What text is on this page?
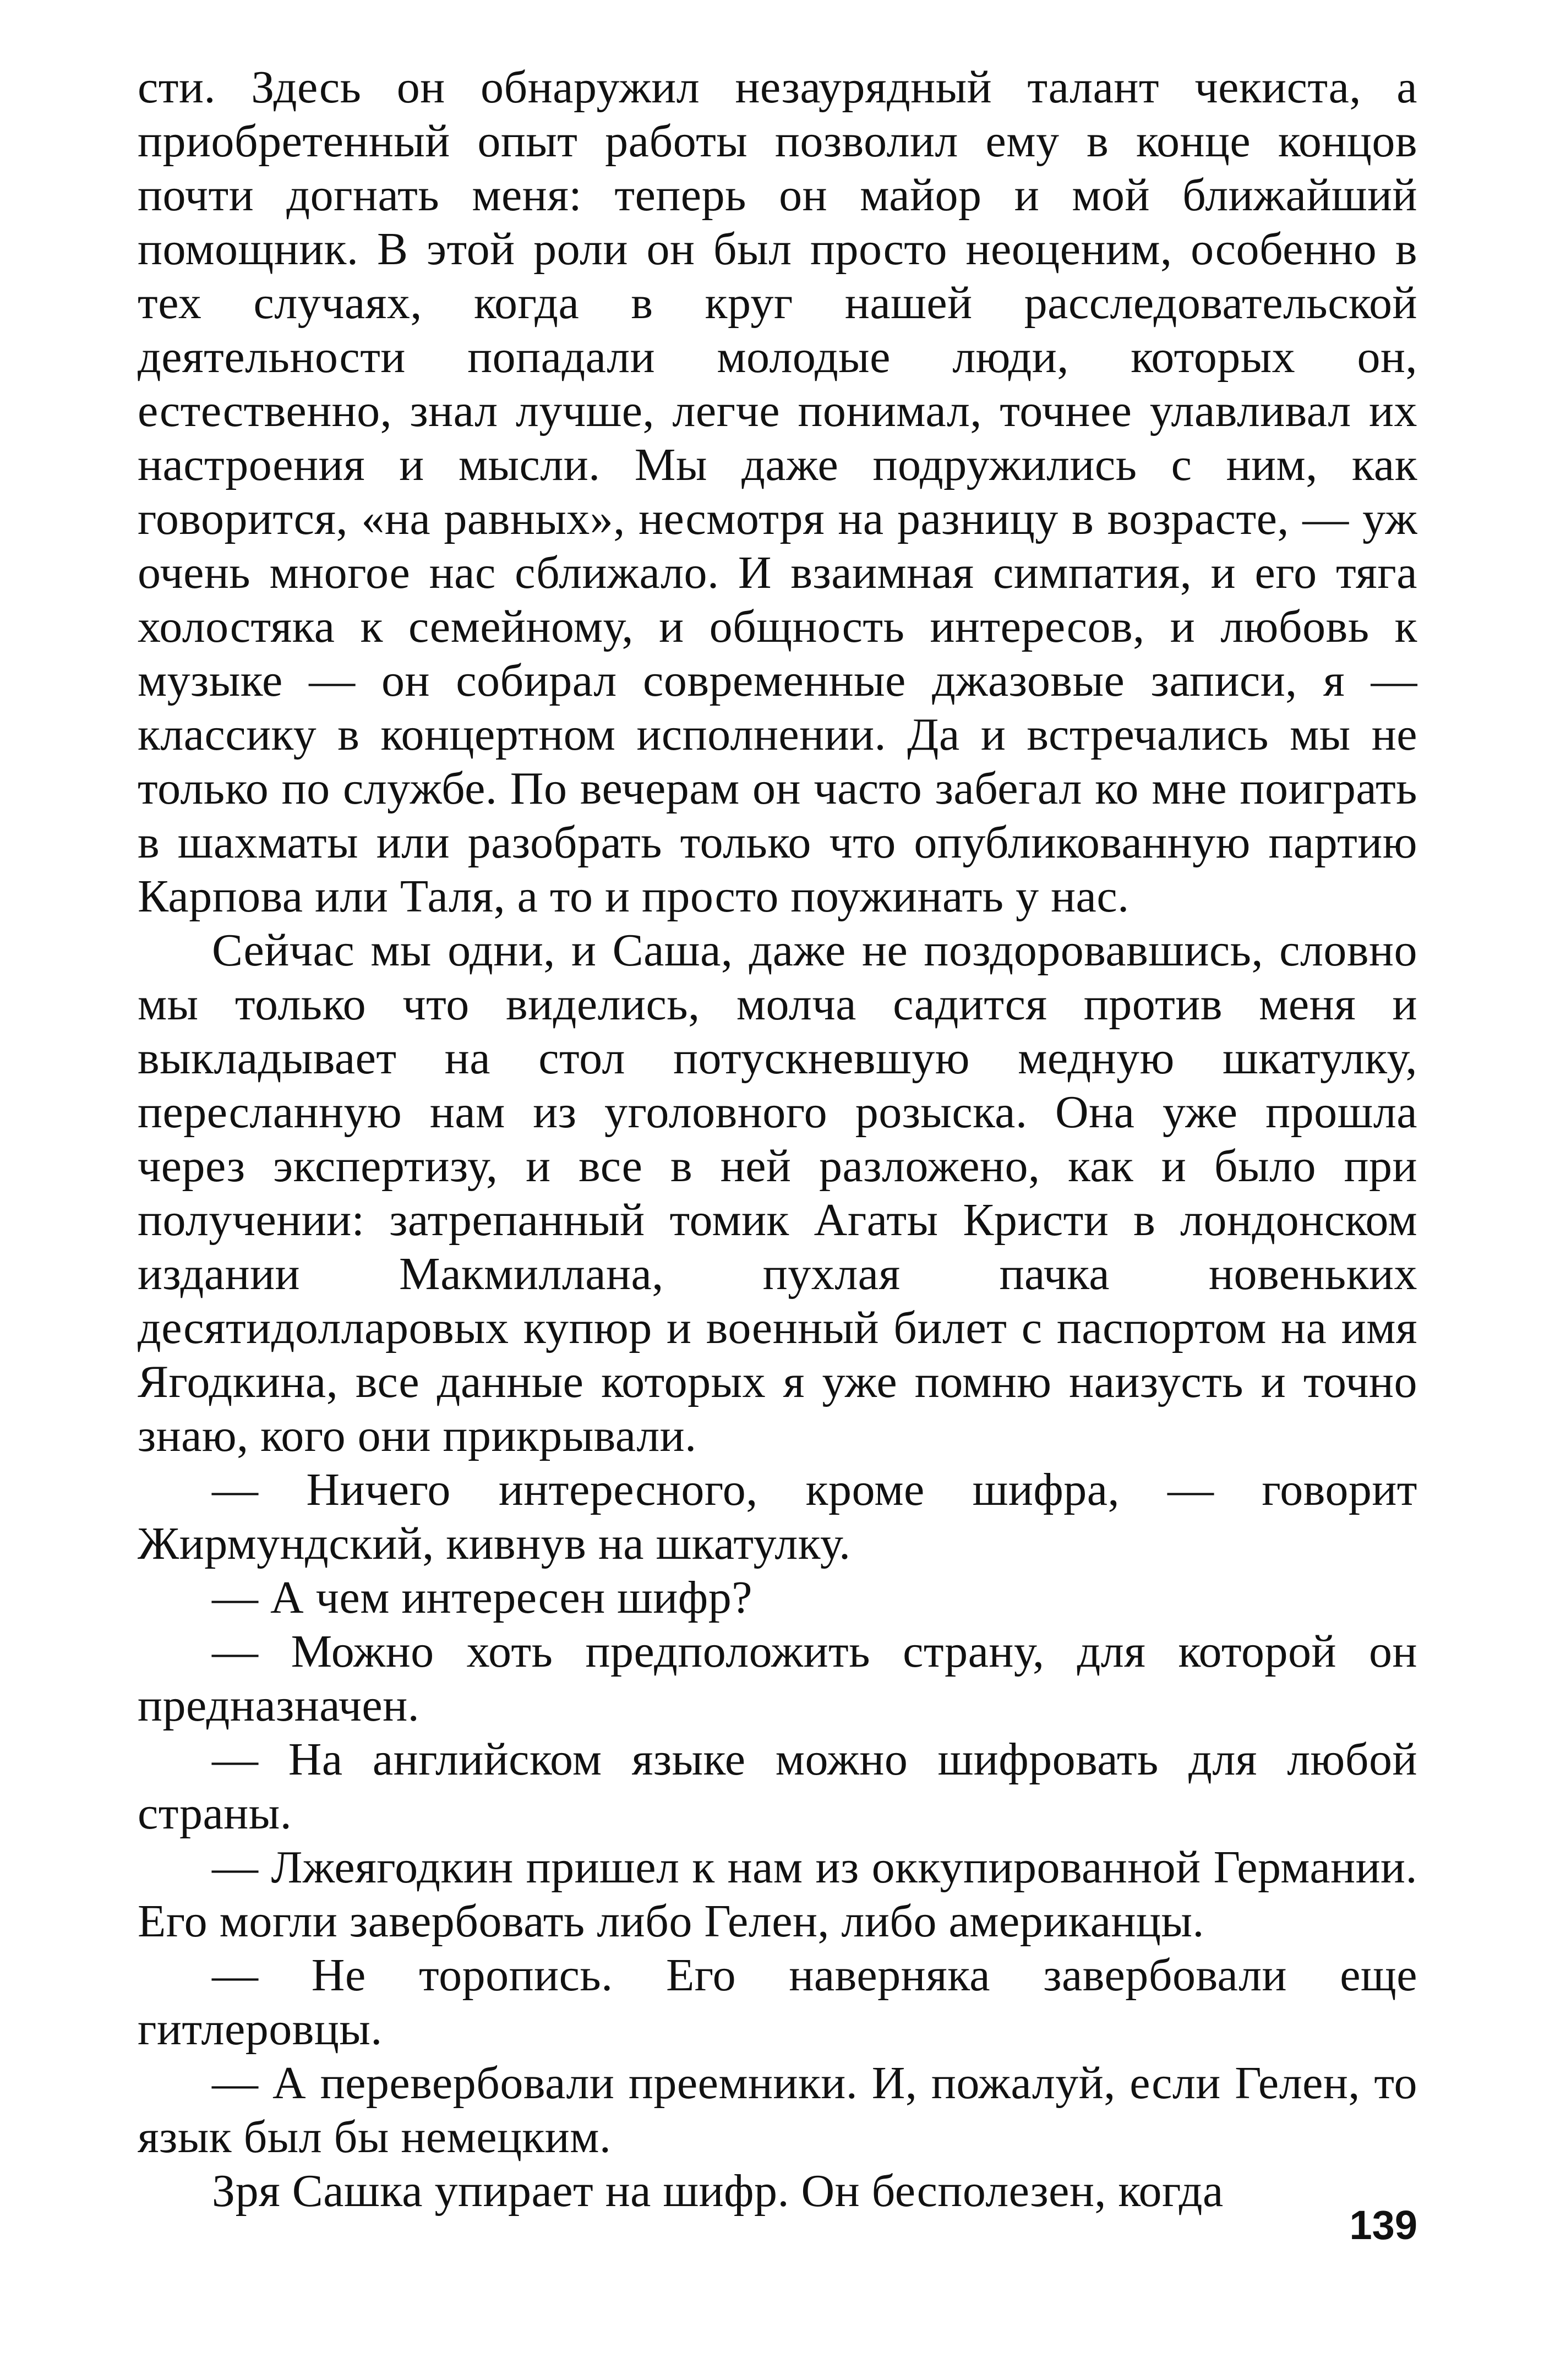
сти. Здесь он обнаружил незаурядный талант чекиста, а приобретенный опыт работы позволил ему в конце концов почти догнать меня: теперь он майор и мой ближайший помощник. В этой роли он был просто неоценим, особенно в тех случаях, когда в круг нашей расследовательской деятельности попадали молодые люди, которых он, естественно, знал лучше, легче понимал, точнее улавливал их настроения и мысли. Мы даже подружились с ним, как говорится, «на равных», несмотря на разницу в возрасте, — уж очень многое нас сближало. И взаимная симпатия, и его тяга холостяка к семейному, и общность интересов, и любовь к музыке — он собирал современные джазовые записи, я — классику в концертном исполнении. Да и встречались мы не только по службе. По вечерам он часто забегал ко мне поиграть в шахматы или разобрать только что опубликованную партию Карпова или Таля, а то и просто поужинать у нас.

Сейчас мы одни, и Саша, даже не поздоровавшись, словно мы только что виделись, молча садится против меня и выкладывает на стол потускневшую медную шкатулку, пересланную нам из уголовного розыска. Она уже прошла через экспертизу, и все в ней разложено, как и было при получении: затрепанный томик Агаты Кристи в лондонском издании Макмиллана, пухлая пачка новеньких десятидолларовых купюр и военный билет с паспортом на имя Ягодкина, все данные которых я уже помню наизусть и точно знаю, кого они прикрывали.

— Ничего интересного, кроме шифра, — говорит Жирмундский, кивнув на шкатулку.

— А чем интересен шифр?

— Можно хоть предположить страну, для которой он предназначен.

— На английском языке можно шифровать для любой страны.

— Лжеягодкин пришел к нам из оккупированной Германии. Его могли завербовать либо Гелен, либо американцы.

— Не торопись. Его наверняка завербовали еще гитлеровцы.

— А перевербовали преемники. И, пожалуй, если Гелен, то язык был бы немецким.

Зря Сашка упирает на шифр. Он бесполезен, когда

139
